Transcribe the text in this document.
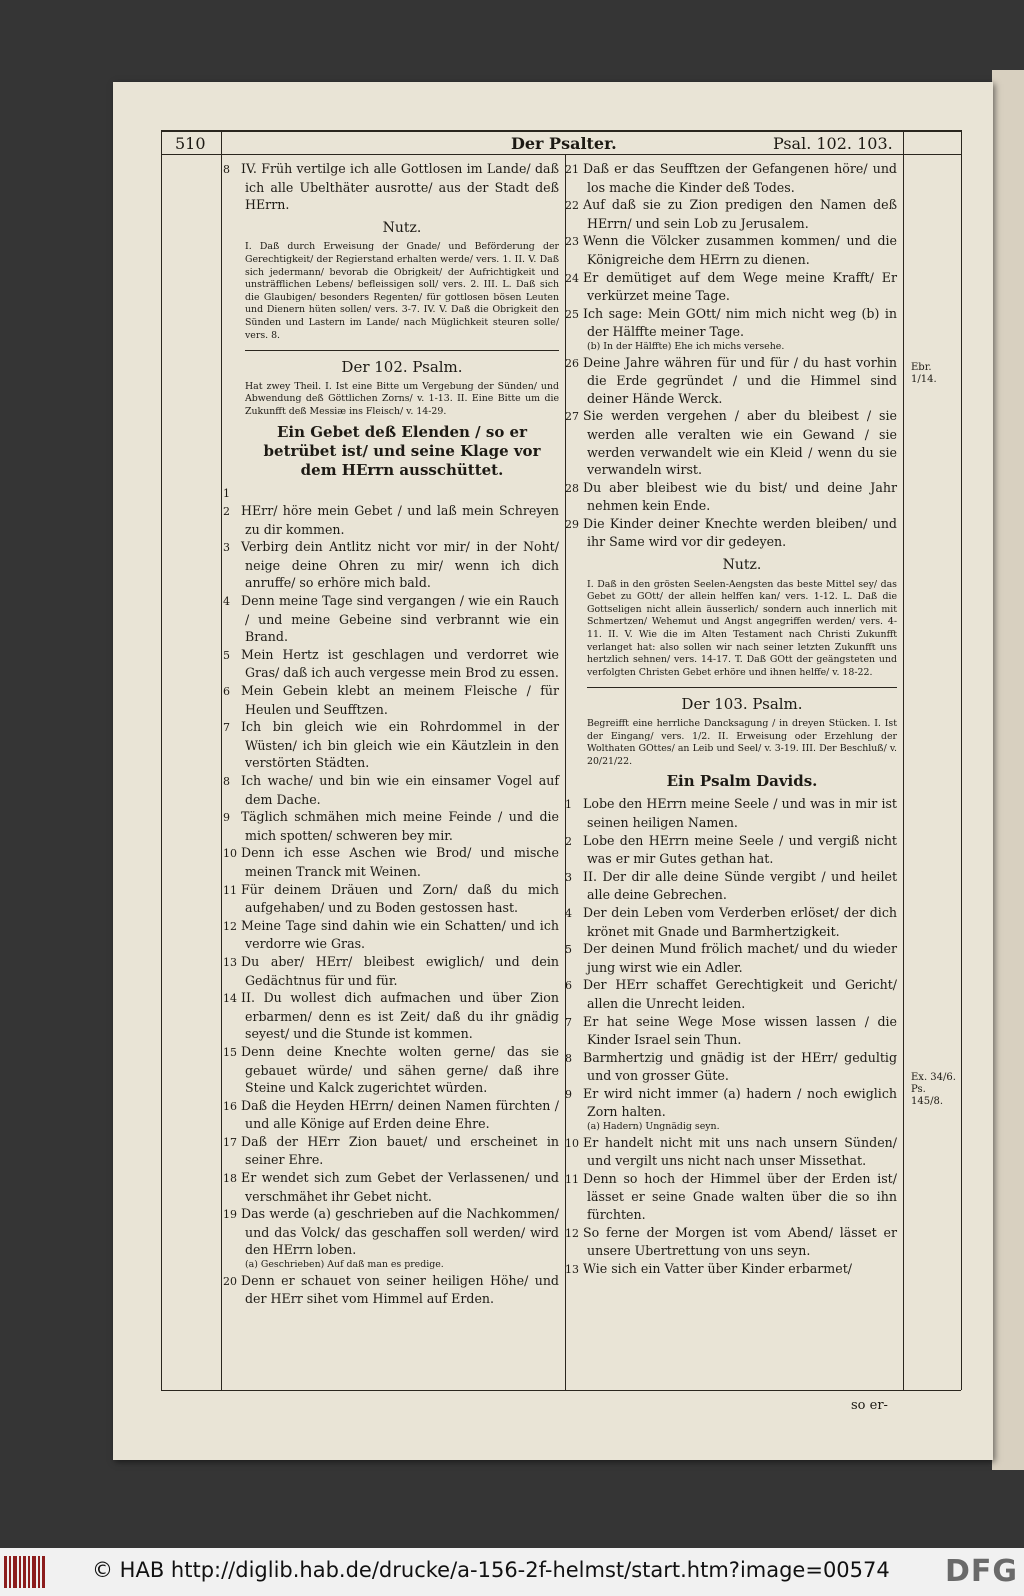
510	Der Psalter.	Psal. 102. 103.
Ebr. 1/14.
Ex. 34/6. Ps. 145/8.

8 IV. Früh vertilge ich alle Gottlosen im Lande/ daß ich alle Ubelthäter ausrotte/ aus der Stadt deß HErrn.

Nutz.

I. Daß durch Erweisung der Gnade/ und Beförderung der Gerechtigkeit/ der Regierstand erhalten werde/ vers. 1. II. V. Daß sich jedermann/ bevorab die Obrigkeit/ der Aufrichtigkeit und unsträfflichen Lebens/ befleissigen soll/ vers. 2. III. L. Daß sich die Glaubigen/ besonders Regenten/ für gottlosen bösen Leuten und Dienern hüten sollen/ vers. 3-7. IV. V. Daß die Obrigkeit den Sünden und Lastern im Lande/ nach Müglichkeit steuren solle/ vers. 8.

Der 102. Psalm.

Hat zwey Theil. I. Ist eine Bitte um Vergebung der Sünden/ und Abwendung deß Göttlichen Zorns/ v. 1-13. II. Eine Bitte um die Zukunfft deß Messiæ ins Fleisch/ v. 14-29.

Ein Gebet deß Elenden / so er betrübet ist/ und seine Klage vor dem HErrn ausschüttet.

1

2 HErr/ höre mein Gebet / und laß mein Schreyen zu dir kommen.

3 Verbirg dein Antlitz nicht vor mir/ in der Noht/ neige deine Ohren zu mir/ wenn ich dich anruffe/ so erhöre mich bald.

4 Denn meine Tage sind vergangen / wie ein Rauch / und meine Gebeine sind verbrannt wie ein Brand.

5 Mein Hertz ist geschlagen und verdorret wie Gras/ daß ich auch vergesse mein Brod zu essen.

6 Mein Gebein klebt an meinem Fleische / für Heulen und Seufftzen.

7 Ich bin gleich wie ein Rohrdommel in der Wüsten/ ich bin gleich wie ein Käutzlein in den verstörten Städten.

8 Ich wache/ und bin wie ein einsamer Vogel auf dem Dache.

9 Täglich schmähen mich meine Feinde / und die mich spotten/ schweren bey mir.

10 Denn ich esse Aschen wie Brod/ und mische meinen Tranck mit Weinen.

11 Für deinem Dräuen und Zorn/ daß du mich aufgehaben/ und zu Boden gestossen hast.

12 Meine Tage sind dahin wie ein Schatten/ und ich verdorre wie Gras.

13 Du aber/ HErr/ bleibest ewiglich/ und dein Gedächtnus für und für.

14 II. Du wollest dich aufmachen und über Zion erbarmen/ denn es ist Zeit/ daß du ihr gnädig seyest/ und die Stunde ist kommen.

15 Denn deine Knechte wolten gerne/ das sie gebauet würde/ und sähen gerne/ daß ihre Steine und Kalck zugerichtet würden.

16 Daß die Heyden HErrn/ deinen Namen fürchten / und alle Könige auf Erden deine Ehre.

17 Daß der HErr Zion bauet/ und erscheinet in seiner Ehre.

18 Er wendet sich zum Gebet der Verlassenen/ und verschmähet ihr Gebet nicht.

19 Das werde (a) geschrieben auf die Nachkommen/ und das Volck/ das geschaffen soll werden/ wird den HErrn loben.

(a) Geschrieben) Auf daß man es predige.

20 Denn er schauet von seiner heiligen Höhe/ und der HErr sihet vom Himmel auf Erden.

21 Daß er das Seufftzen der Gefangenen höre/ und los mache die Kinder deß Todes.

22 Auf daß sie zu Zion predigen den Namen deß HErrn/ und sein Lob zu Jerusalem.

23 Wenn die Völcker zusammen kommen/ und die Königreiche dem HErrn zu dienen.

24 Er demütiget auf dem Wege meine Krafft/ Er verkürzet meine Tage.

25 Ich sage: Mein GOtt/ nim mich nicht weg (b) in der Hälffte meiner Tage.

(b) In der Hälffte) Ehe ich michs versehe.

26 Deine Jahre währen für und für / du hast vorhin die Erde gegründet / und die Himmel sind deiner Hände Werck.

27 Sie werden vergehen / aber du bleibest / sie werden alle veralten wie ein Gewand / sie werden verwandelt wie ein Kleid / wenn du sie verwandeln wirst.

28 Du aber bleibest wie du bist/ und deine Jahr nehmen kein Ende.

29 Die Kinder deiner Knechte werden bleiben/ und ihr Same wird vor dir gedeyen.

Nutz.

I. Daß in den grösten Seelen-Aengsten das beste Mittel sey/ das Gebet zu GOtt/ der allein helffen kan/ vers. 1-12. L. Daß die Gottseligen nicht allein äusserlich/ sondern auch innerlich mit Schmertzen/ Wehemut und Angst angegriffen werden/ vers. 4-11. II. V. Wie die im Alten Testament nach Christi Zukunfft verlanget hat: also sollen wir nach seiner letzten Zukunfft uns hertzlich sehnen/ vers. 14-17. T. Daß GOtt der geängsteten und verfolgten Christen Gebet erhöre und ihnen helffe/ v. 18-22.

Der 103. Psalm.

Begreifft eine herrliche Dancksagung / in dreyen Stücken. I. Ist der Eingang/ vers. 1/2. II. Erweisung oder Erzehlung der Wolthaten GOttes/ an Leib und Seel/ v. 3-19. III. Der Beschluß/ v. 20/21/22.

Ein Psalm Davids.

1 Lobe den HErrn meine Seele / und was in mir ist seinen heiligen Namen.

2 Lobe den HErrn meine Seele / und vergiß nicht was er mir Gutes gethan hat.

3 II. Der dir alle deine Sünde vergibt / und heilet alle deine Gebrechen.

4 Der dein Leben vom Verderben erlöset/ der dich krönet mit Gnade und Barmhertzigkeit.

5 Der deinen Mund frölich machet/ und du wieder jung wirst wie ein Adler.

6 Der HErr schaffet Gerechtigkeit und Gericht/ allen die Unrecht leiden.

7 Er hat seine Wege Mose wissen lassen / die Kinder Israel sein Thun.

8 Barmhertzig und gnädig ist der HErr/ gedultig und von grosser Güte.

9 Er wird nicht immer (a) hadern / noch ewiglich Zorn halten.

(a) Hadern) Ungnädig seyn.

10 Er handelt nicht mit uns nach unsern Sünden/ und vergilt uns nicht nach unser Missethat.

11 Denn so hoch der Himmel über der Erden ist/ lässet er seine Gnade walten über die so ihn fürchten.

12 So ferne der Morgen ist vom Abend/ lässet er unsere Ubertrettung von uns seyn.

13 Wie sich ein Vatter über Kinder erbarmet/

so er-
© HAB http://diglib.hab.de/drucke/a-156-2f-helmst/start.htm?image=00574 DFG
